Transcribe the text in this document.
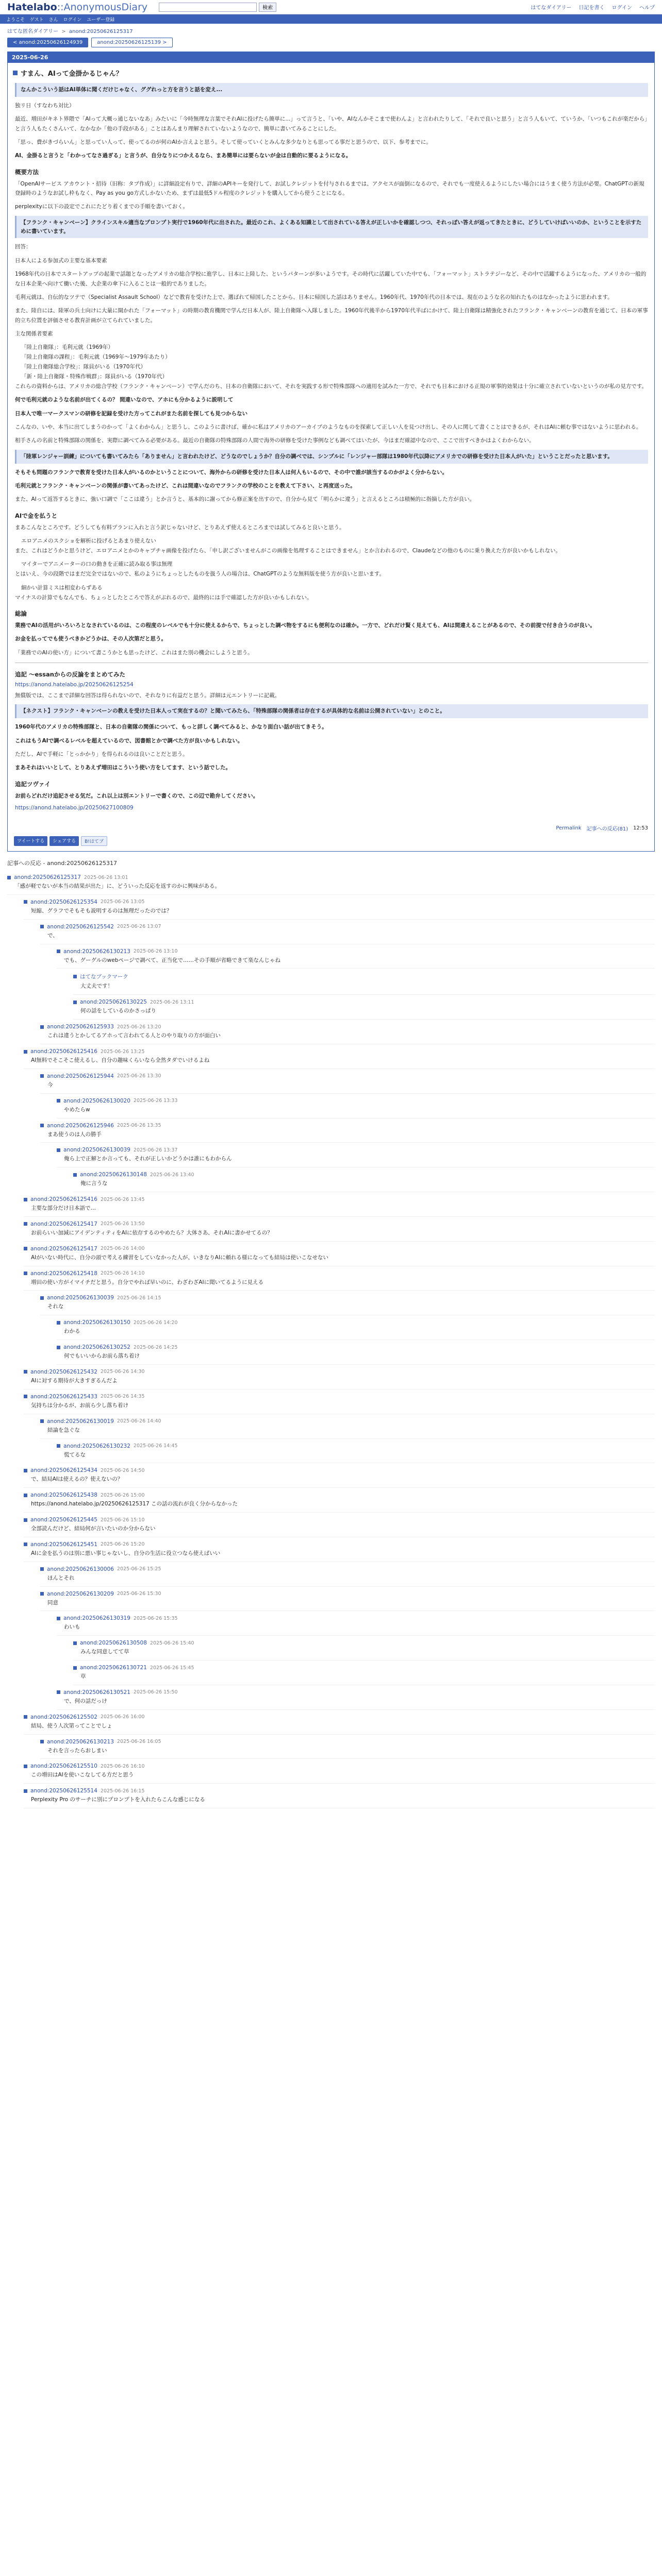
Hatelabo::AnonymousDiary	検索	はてなダイアリー 日記を書く ログイン ヘルプ
ようこそ ゲスト さん ログイン ユーザー登録
はてな匿名ダイアリー > anond:20250626125317
< anond:20250626124939	anond:20250626125139 >
2025-06-26
すまん、AIって金掛かるじゃん？
なんかこういう話はAI単体に聞くだけじゃなく、ググれっと方を言うと話を変え...

独リ日（すなわち対比）

最近、増田がキネト界隈で「AIって大概っ通じないなあ」みたいに「今時無理な言葉でそれAIに投げたら簡単に...」って言うと、「いや、AIなんかそこまで使わんよ」と言われたりして、「それで良いと思う」と言う人もいて、ていうか、「いつもこれが楽だから」と言う人もたくさんいて、なかなか「他の手段がある」ことはあんまり理解されていないようなので、簡単に書いてみることにした。

「思っ、費がきづらいん」と思ってい人って、使ってるのが何のAIか言えよと思う。そして使っていくとみんな多少なりとも思ってる事だと思うので、以下、参考までに。

AI、金掛ると言うと「わかってなさ過ぎる」と言うが、自分なりにつかえるなら、まあ簡単には要らないが金は自動的に要るようになる。

概要方法

「OpenAIサービス アカウント・招待（旧称：タブ作成）」に詳細設定有りで、詳細のAPIキーを発行して、お試しクレジットを付与されるまでは、アクセスが面倒になるので、それでも一度使えるようにしたい場合にはうまく使う方法が必要。ChatGPTの新規登録時のようなお試し枠もなく、Pay as you go方式しかないため、まずは最低5ドル程度のクレジットを購入してから使うことになる。

perplexityに以下の設定でこれにたどり着くまでの手順を書いておく。

【フランク・キャンベーン】クラインスキル適当なプロンプト実行で1960年代に出された。最近のこれ、よくある知識として出されている答えが正しいかを確認しつつ、それっぽい答えが返ってきたときに、どうしていけばいいのか、ということを示すために書いています。

回答：

日本人による参加式の主要な基本要素

1968年代の日本でスタートアップの起業で話題となったアメリカの総合学校に進学し、日本に上陸した、というパターンが多いようです。その時代に活躍していた中でも、「フォーマット」ストラテジーなど、その中で活躍するようになった、アメリカの一般的な日本企業へ向けて働いた後、大企業の傘下に入ることは一般的でありました。

毛利元就は、自伝的なツテで（Specialist Assault School）などで教育を受けた上で、選ばれて帰国したことから、日本に帰国した話はありません。1960年代、1970年代の日本では、現在のような名の知れたものはなかったように思われます。

また、陸自には、陸軍の兵士向けに大量に開かれた「フォーマット」の時期の教育機関で学んだ日本人が、陸上自衛隊へ入隊しました。1960年代後半から1970年代半ばにかけて、陸上自衛隊は精強化されたフランク・キャンベーンの教育を通じて、日本の軍事的立ち位置を評価させる教育計画が立てられていました。

主な関係者要素

「陸上自衛隊」：毛利元就（1969年）
「陸上自衛隊の課程」：毛利元就（1969年～1979年あたり）
「陸上自衛隊総合学校」：隊員がいる（1970年代）
「新・陸上自衛隊・特殊作戦群」：隊員がいる（1970年代）

これらの資料からは、アメリカの総合学校（フランク・キャンベーン）で学んだのち、日本の自衛隊において、それを実践する形で特殊部隊への適用を試みた一方で、それでも日本における正規の軍事的効果は十分に確立されていないというのが私の見方です。

何で毛利元就のような名前が出てくるの？ 間違いなので、アホにも分かるように説明して

日本人で唯一マークスマンの研修を記録を受けた方ってこれがまた名前を探しても見つからない

こんなの、いや、本当に出てしまうのかって「よくわからん」と思うし、このように書けば、確かに私はアメリカのアーカイブのようなものを探索して正しい人を見つけ出し、その人に関して書くことはできるが、それはAIに頼む事ではないように思われる。

相手さんの名前と特殊部隊の関係を、実際に調べてみる必要がある。最近の自衛隊の特殊部隊の人間で海外の研修を受けた事例なども調べてはいたが、今はまだ確認中なので、ここで出すべきかはよくわからない。

「陸軍レンジャー訓練」についても書いてみたら「ありません」と言われたけど、どうなのでしょうか？自分の調べでは、シンプルに「レンジャー部隊は1980年代以降にアメリカでの研修を受けた日本人がいた」ということだったと思います。

そもそも問題のフランクで教育を受けた日本人がいるのかということについて、海外からの研修を受けた日本人は何人もいるので、その中で誰が該当するのかがよく分からない。

毛利元就とフランク・キャンベーンの関係が書いてあったけど、これは間違いなのでフランクの学校のことを教えて下さい、と再度送った。

また、AIって返答するときに、強い口調で「ここは違う」とか言うと、基本的に謝ってから修正案を出すので、自分から見て「明らかに違う」と言えるところは積極的に指摘した方が良い。

AIで金を払うと

まあこんなところです。どうしても有料プランに入れと言う訳じゃないけど、とりあえず使えるところまでは試してみると良いと思う。

エロアニメのスクショを解析に投げるとあまり使えない

また、これはどうかと思うけど、エロアニメとかのキャプチャ画像を投げたら、「申し訳ございませんがこの画像を処理することはできません」とか言われるので、Claudeなどの他のものに乗り換えた方が良いかもしれない。

マイターでアニメーターの口の動きを正確に読み取る事は無理

とはいえ、今の段階ではまだ完全ではないので、私のようにちょっとしたものを扱う人の場合は、ChatGPTのような無料版を使う方が良いと思います。

細かい計算ミスは相変わらずある

マイナスの計算でもなんでも、ちょっとしたところで答えがぶれるので、最終的には手で確認した方が良いかもしれない。

総論

業務でAIの活用がいろいろとなされているのは、この程度のレベルでも十分に使えるからで、ちょっとした調べ物をするにも便利なのは確か。一方で、どれだけ賢く見えても、AIは間違えることがあるので、その前提で付き合うのが良い。

お金を払ってでも使うべきかどうかは、その人次第だと思う。

「業務でのAIの使い方」について書こうかとも思ったけど、これはまた別の機会にしようと思う。

追記 〜essanからの反論をまとめてみた
https://anond.hatelabo.jp/20250626125254

無償版では、ここまで詳細な回答は得られないので、それなりに有益だと思う。詳細は元エントリーに記載。

【ネクスト】フランク・キャンベーンの教えを受けた日本人って実在するの？と聞いてみたら、「特殊部隊の関係者は存在するが具体的な名前は公開されていない」とのこと。

1960年代のアメリカの特殊部隊と、日本の自衛隊の関係について、もっと詳しく調べてみると、かなり面白い話が出てきそう。

これはもうAIで調べるレベルを超えているので、図書館とかで調べた方が良いかもしれない。

ただし、AIで手軽に「とっかかり」を得られるのは良いことだと思う。

まあそれはいいとして、とりあえず増田はこういう使い方をしてます、という話でした。

追記ツヴァイ

お前らどれだけ追記させる気だ。これ以上は別エントリーで書くので、この辺で勘弁してください。

https://anond.hatelabo.jp/20250627100809
Permalink 記事への反応(81) 12:53
ツイートする	シェアする	B!はてブ
記事への反応 - anond:20250626125317
anond:20250626125317 2025-06-26 13:01
「感が軽でないが本当の結果が出た」に、どういった反応を返すのかに興味がある。
anond:20250626125354 2025-06-26 13:05
短縮、グラフでそもそも説明するのは無理だったのでは？
anond:20250626125542 2025-06-26 13:07
で、
anond:20250626130213 2025-06-26 13:10
でも、グーグルのwebページで調べて、正当化で……その手順が省略できて楽なんじゃね
はてなブックマーク
大丈夫です！
anond:20250626130225 2025-06-26 13:11
何の話をしているのかさっぱり
anond:20250626125933 2025-06-26 13:20
これは違うとかしてるアホって言われてる人とのやり取りの方が面白い
anond:20250626125416 2025-06-26 13:25
AI無料でそこそこ使えるし、自分の趣味くらいなら全然タダでいけるよね
anond:20250626125944 2025-06-26 13:30
今
anond:20250626130020 2025-06-26 13:33
やめたらw
anond:20250626125946 2025-06-26 13:35
まあ使うのは人の勝手
anond:20250626130039 2025-06-26 13:37
俺ら上で正解とか言っても、それが正しいかどうかは誰にもわからん
anond:20250626130148 2025-06-26 13:40
俺に言うな
anond:20250626125416 2025-06-26 13:45
主要な部分だけ日本語で…
anond:20250626125417 2025-06-26 13:50
お前らいい加減にアイデンティティをAIに依存するのやめたら？大体さあ、それAIに書かせてるの？
anond:20250626125417 2025-06-26 14:00
AIがいない時代に、自分の頭で考える練習をしていなかった人が、いきなりAIに頼れる様になっても結局は使いこなせない
anond:20250626125418 2025-06-26 14:10
増田の使い方がイマイチだと思う。自分でやれば早いのに、わざわざAIに聞いてるように見える
anond:20250626130039 2025-06-26 14:15
それな
anond:20250626130150 2025-06-26 14:20
わかる
anond:20250626130252 2025-06-26 14:25
何でもいいからお前ら落ち着け
anond:20250626125432 2025-06-26 14:30
AIに対する期待が大きすぎるんだよ
anond:20250626125433 2025-06-26 14:35
気持ちは分かるが、お前ら少し落ち着け
anond:20250626130019 2025-06-26 14:40
結論を急ぐな
anond:20250626130232 2025-06-26 14:45
慌てるな
anond:20250626125434 2025-06-26 14:50
で、結局AIは使えるの？使えないの？
anond:20250626125438 2025-06-26 15:00
https://anond.hatelabo.jp/20250626125317 この話の流れが良く分からなかった
anond:20250626125445 2025-06-26 15:10
全部読んだけど、結局何が言いたいのか分からない
anond:20250626125451 2025-06-26 15:20
AIに金を払うのは別に悪い事じゃないし、自分の生活に役立つなら使えばいい
anond:20250626130006 2025-06-26 15:25
ほんとそれ
anond:20250626130209 2025-06-26 15:30
同意
anond:20250626130319 2025-06-26 15:35
わいも
anond:20250626130508 2025-06-26 15:40
みんな同意してて草
anond:20250626130721 2025-06-26 15:45
草
anond:20250626130521 2025-06-26 15:50
で、何の話だっけ
anond:20250626125502 2025-06-26 16:00
結局、使う人次第ってことでしょ
anond:20250626130213 2025-06-26 16:05
それを言ったらおしまい
anond:20250626125510 2025-06-26 16:10
この増田はAIを使いこなしてる方だと思う
anond:20250626125514 2025-06-26 16:15
Perplexity Pro のサーチに別にプロンプトを入れたらこんな感じになる
